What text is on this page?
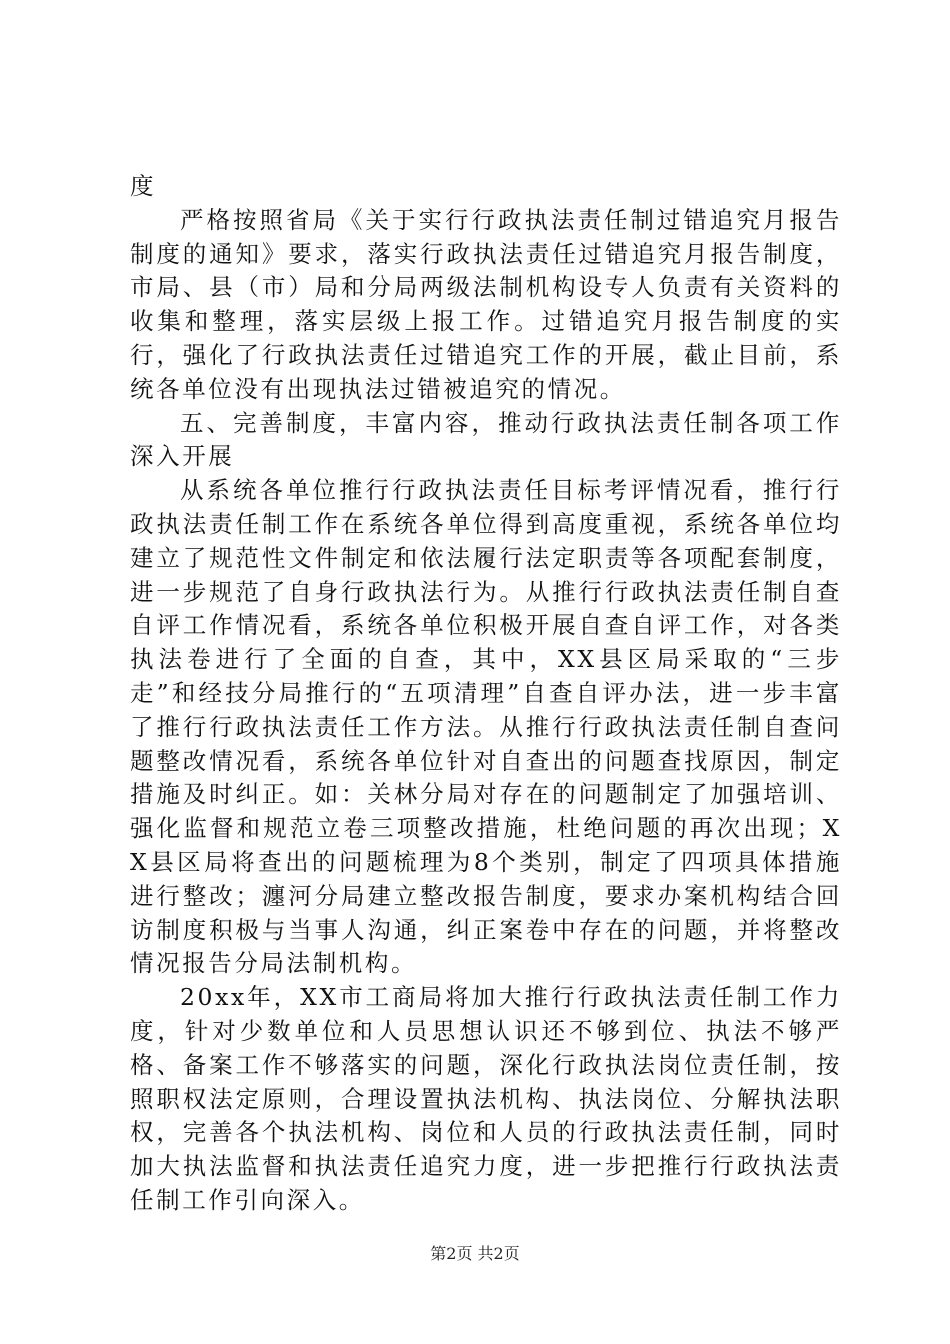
度

严格按照省局《关于实行行政执法责任制过错追究月报告制度的通知》要求，落实行政执法责任过错追究月报告制度，市局、县（市）局和分局两级法制机构设专人负责有关资料的收集和整理，落实层级上报工作。过错追究月报告制度的实行，强化了行政执法责任过错追究工作的开展，截止目前，系统各单位没有出现执法过错被追究的情况。

五、完善制度，丰富内容，推动行政执法责任制各项工作深入开展

从系统各单位推行行政执法责任目标考评情况看，推行行政执法责任制工作在系统各单位得到高度重视，系统各单位均建立了规范性文件制定和依法履行法定职责等各项配套制度，进一步规范了自身行政执法行为。从推行行政执法责任制自查自评工作情况看，系统各单位积极开展自查自评工作，对各类执法卷进行了全面的自查，其中，XX县区局采取的“三步走”和经技分局推行的“五项清理”自查自评办法，进一步丰富了推行行政执法责任工作方法。从推行行政执法责任制自查问题整改情况看，系统各单位针对自查出的问题查找原因，制定措施及时纠正。如：关林分局对存在的问题制定了加强培训、强化监督和规范立卷三项整改措施，杜绝问题的再次出现；XX县区局将查出的问题梳理为8个类别，制定了四项具体措施进行整改；瀍河分局建立整改报告制度，要求办案机构结合回访制度积极与当事人沟通，纠正案卷中存在的问题，并将整改情况报告分局法制机构。

20xx年，XX市工商局将加大推行行政执法责任制工作力度，针对少数单位和人员思想认识还不够到位、执法不够严格、备案工作不够落实的问题，深化行政执法岗位责任制，按照职权法定原则，合理设置执法机构、执法岗位、分解执法职权，完善各个执法机构、岗位和人员的行政执法责任制，同时加大执法监督和执法责任追究力度，进一步把推行行政执法责任制工作引向深入。

第2页 共2页
